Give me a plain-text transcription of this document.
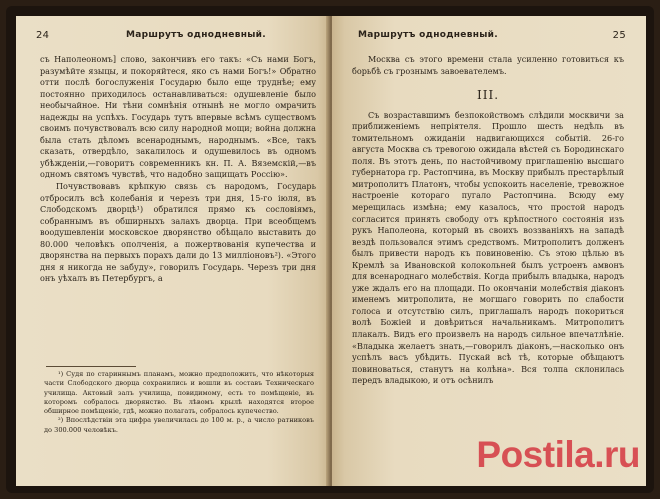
24	Маршрутъ однодневный.

съ Наполеономъ] слово, закончивъ его такъ: «Съ нами Богъ, разумѣйте языцы, и покоряйтеся, яко съ нами Богъ!» Обратно отти послѣ богослуженія Государю было еще труднѣе; ему постоянно приходилось останавливаться: одушевленіе было необычайное. Ни тѣни сомнѣнія отнынѣ не могло омрачить надежды на успѣхъ. Государь тутъ впервые всѣмъ существомъ своимъ почувствовалъ всю силу народной мощи; война должна была стать дѣломъ всенароднымъ, народнымъ. «Все, такъ сказать, отвердѣло, закалилось и одушевилось въ одномъ убѣжденіи,—говоритъ современникъ кн. П. А. Вяземскій,—въ одномъ святомъ чувствѣ, что надобно защищать Россію».

Почувствовавъ крѣпкую связь съ народомъ, Государь отбросилъ всѣ колебанія и черезъ три дня, 15-го іюля, въ Слободскомъ дворцѣ¹) обратился прямо къ сословіямъ, собраннымъ въ обширныхъ залахъ дворца. При всеобщемъ воодушевленіи московское дворянство обѣщало выставить до 80.000 человѣкъ ополченія, а пожертвованія купечества и дворянства на первыхъ порахъ дали до 13 милліоновъ²). «Этого дня я никогда не забуду», говорилъ Государь. Черезъ три дня онъ уѣхалъ въ Петербургъ, а

¹) Судя по стариннымъ планамъ, можно предположить, что нѣкоторыя части Слободского дворца сохранились и вошли въ составъ Техническаго училища. Актовый залъ училища, повидимому, есть то помѣщеніе, въ которомъ собралось дворянство. Въ лѣвомъ крылѣ находятся второе обширное помѣщеніе, гдѣ, можно полагать, собралось купечество.

²) Впослѣдствіи эта цифра увеличилась до 100 м. р., а число ратниковъ до 300.000 человѣкъ.

Маршрутъ однодневный.	25

Москва съ этого времени стала усиленно готовиться къ борьбѣ съ грознымъ завоевателемъ.

III.

Съ возраставшимъ безпокойствомъ слѣдили москвичи за приближеніемъ непріятеля. Прошло шесть недѣль въ томительномъ ожиданіи надвигающихся событій. 26-го августа Москва съ тревогою ожидала вѣстей съ Бородинскаго поля. Въ этотъ день, по настойчивому приглашенію высшаго губернатора гр. Растопчина, въ Москву прибылъ престарѣлый митрополитъ Платонъ, чтобы успокоить населеніе, тревожное настроеніе котораго пугало Растопчина. Всюду ему мерещилась измѣна; ему казалось, что простой народъ согласится принять свободу отъ крѣпостного состоянія изъ рукъ Наполеона, который въ своихъ воззваніяхъ на западѣ вездѣ пользовался этимъ средствомъ. Митрополитъ долженъ былъ привести народъ къ повиновенію. Съ этою цѣлью въ Кремлѣ за Ивановской колокольней былъ устроенъ амвонъ для всенароднаго молебствія. Когда прибылъ владыка, народъ уже ждалъ его на площади. По окончаніи молебствія діаконъ именемъ митрополита, не могшаго говорить по слабости голоса и отсутствію силъ, приглашалъ народъ покориться волѣ Божіей и довѣриться начальникамъ. Митрополитъ плакалъ. Видъ его произвелъ на народъ сильное впечатлѣніе. «Владыка желаетъ знать,—говорилъ діаконъ,—насколько онъ успѣлъ васъ убѣдить. Пускай всѣ тѣ, которые обѣщаютъ повиноваться, станутъ на колѣна». Вся толпа склонилась передъ владыкою, и отъ осѣнилъ

Postila.ru
